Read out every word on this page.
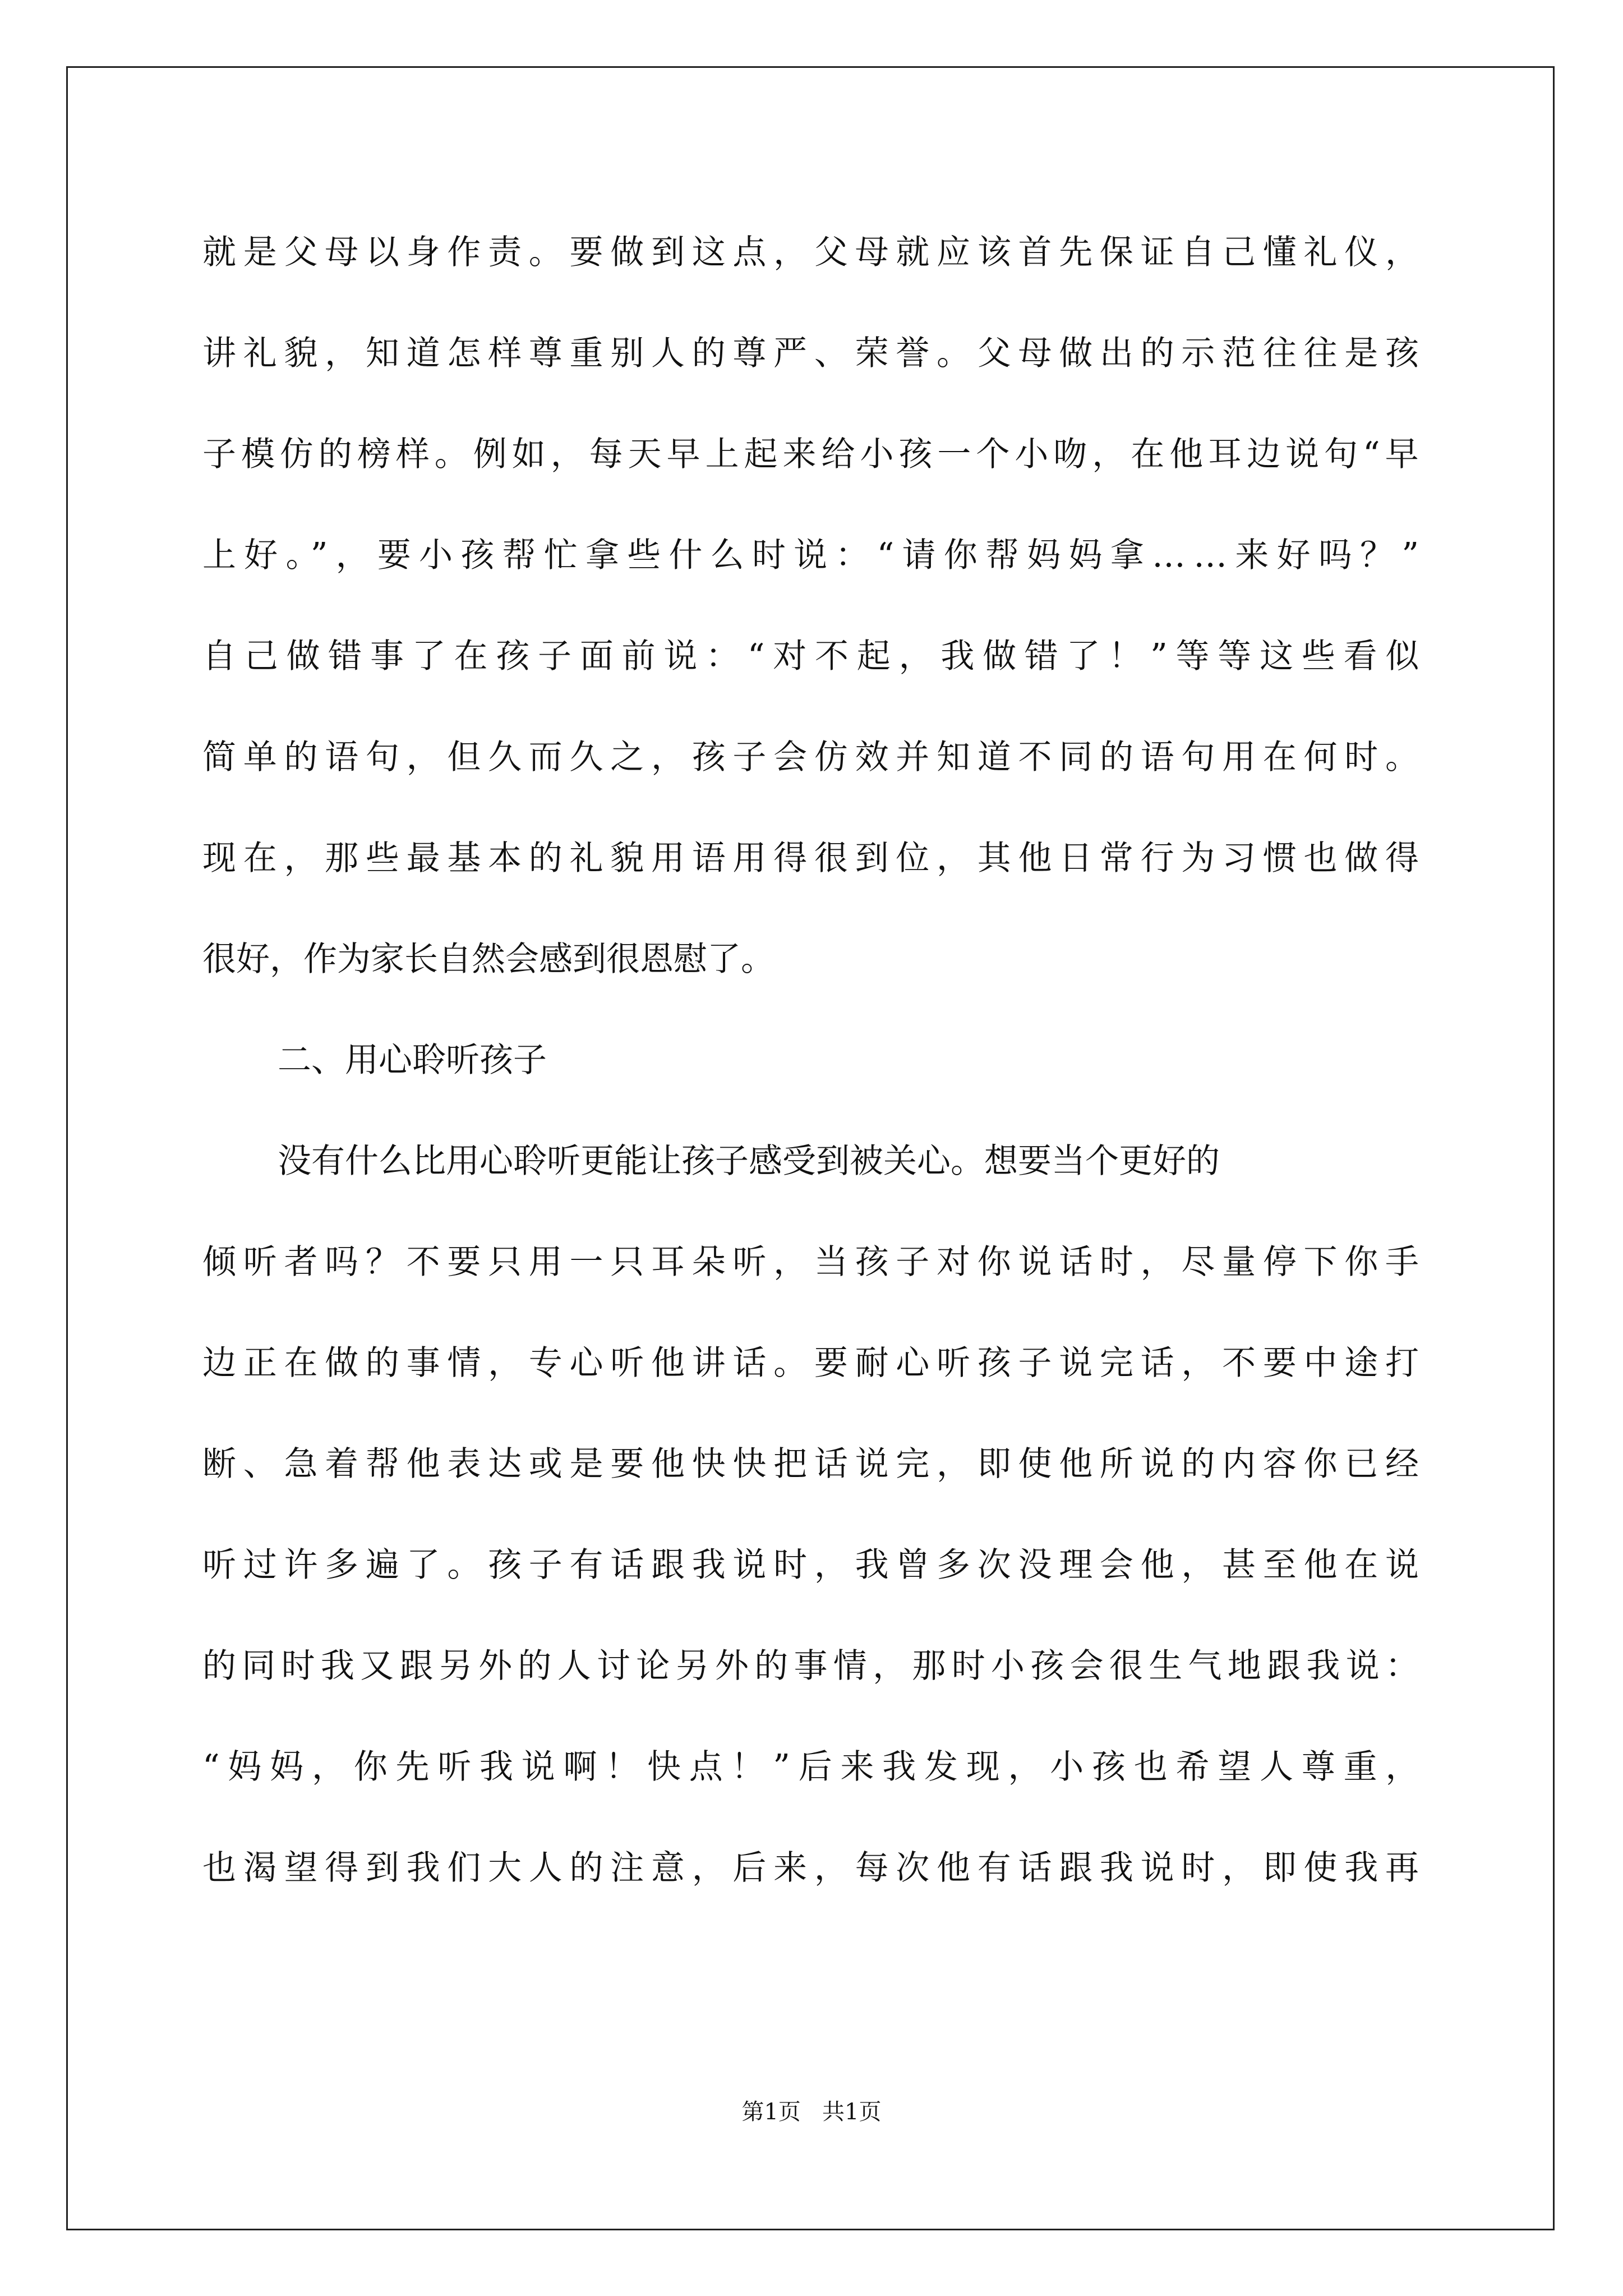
就是父母以身作责。要做到这点，父母就应该首先保证自己懂礼仪，
讲礼貌，知道怎样尊重别人的尊严、荣誉。父母做出的示范往往是孩
子模仿的榜样。例如，每天早上起来给小孩一个小吻，在他耳边说句“早
上好。”，要小孩帮忙拿些什么时说：“请你帮妈妈拿……来好吗？”
自己做错事了在孩子面前说：“对不起，我做错了！”等等这些看似
简单的语句，但久而久之，孩子会仿效并知道不同的语句用在何时。
现在，那些最基本的礼貌用语用得很到位，其他日常行为习惯也做得
很好，作为家长自然会感到很恩慰了。
二、用心聆听孩子
没有什么比用心聆听更能让孩子感受到被关心。想要当个更好的
倾听者吗？不要只用一只耳朵听，当孩子对你说话时，尽量停下你手
边正在做的事情，专心听他讲话。要耐心听孩子说完话，不要中途打
断、急着帮他表达或是要他快快把话说完，即使他所说的内容你已经
听过许多遍了。孩子有话跟我说时，我曾多次没理会他，甚至他在说
的同时我又跟另外的人讨论另外的事情，那时小孩会很生气地跟我说：
“妈妈，你先听我说啊！快点！”后来我发现，小孩也希望人尊重，
也渴望得到我们大人的注意，后来，每次他有话跟我说时，即使我再
第1页   共1页
